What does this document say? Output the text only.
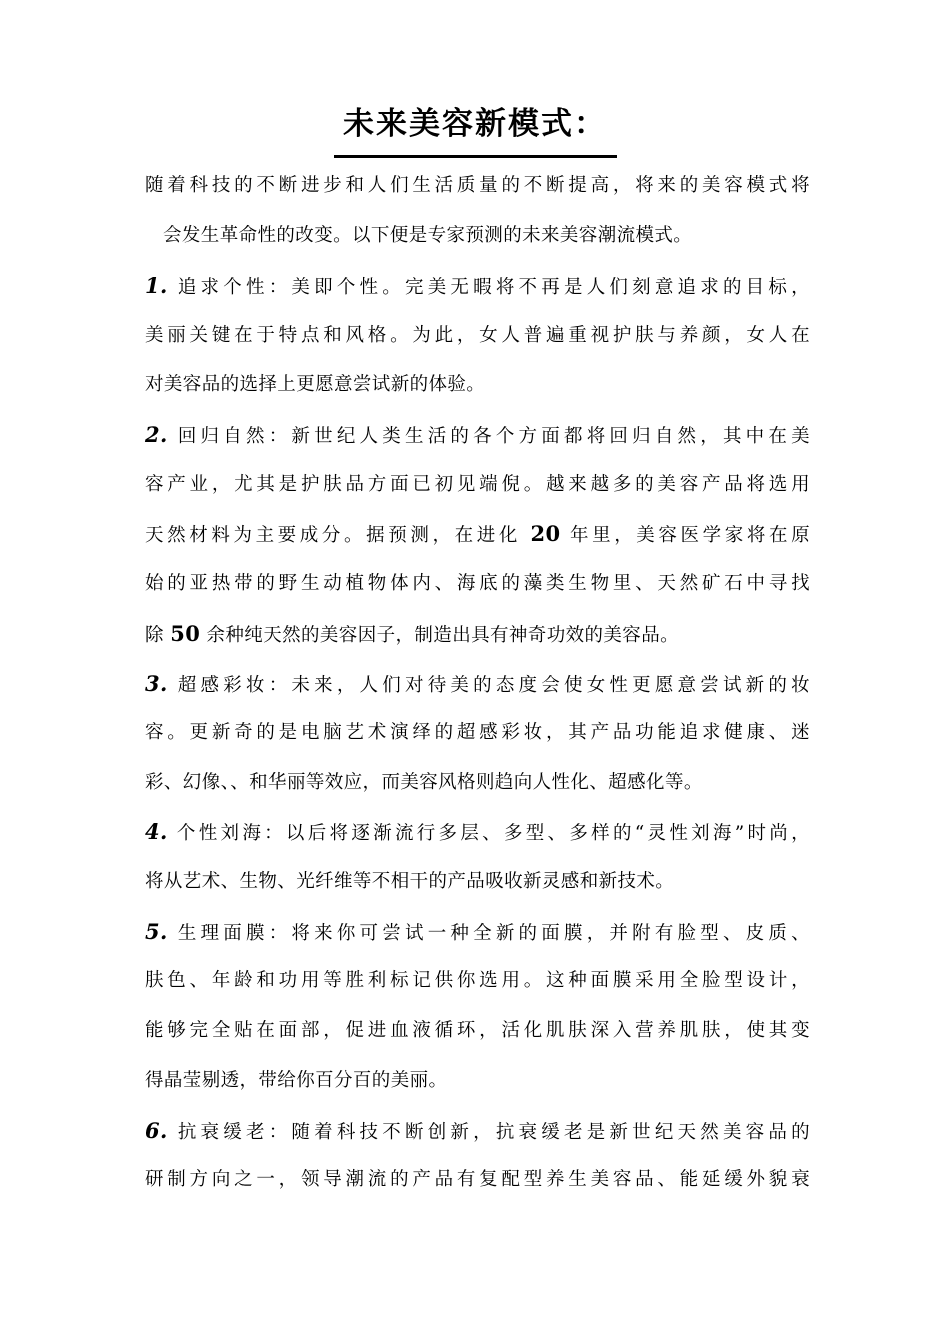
未来美容新模式：
随着科技的不断进步和人们生活质量的不断提高，将来的美容模式将
会发生革命性的改变。以下便是专家预测的未来美容潮流模式。
1. 追求个性：美即个性。完美无暇将不再是人们刻意追求的目标，
美丽关键在于特点和风格。为此，女人普遍重视护肤与养颜，女人在
对美容品的选择上更愿意尝试新的体验。
2. 回归自然：新世纪人类生活的各个方面都将回归自然，其中在美
容产业，尤其是护肤品方面已初见端倪。越来越多的美容产品将选用
天然材料为主要成分。据预测，在进化 20 年里，美容医学家将在原
始的亚热带的野生动植物体内、海底的藻类生物里、天然矿石中寻找
除 50 余种纯天然的美容因子，制造出具有神奇功效的美容品。
3. 超感彩妆：未来，人们对待美的态度会使女性更愿意尝试新的妆
容。更新奇的是电脑艺术演绎的超感彩妆，其产品功能追求健康、迷
彩、幻像、、和华丽等效应，而美容风格则趋向人性化、超感化等。
4. 个性刘海：以后将逐渐流行多层、多型、多样的“灵性刘海”时尚，
将从艺术、生物、光纤维等不相干的产品吸收新灵感和新技术。
5. 生理面膜：将来你可尝试一种全新的面膜，并附有脸型、皮质、
肤色、年龄和功用等胜利标记供你选用。这种面膜采用全脸型设计，
能够完全贴在面部，促进血液循环，活化肌肤深入营养肌肤，使其变
得晶莹剔透，带给你百分百的美丽。
6. 抗衰缓老：随着科技不断创新，抗衰缓老是新世纪天然美容品的
研制方向之一，领导潮流的产品有复配型养生美容品、能延缓外貌衰
